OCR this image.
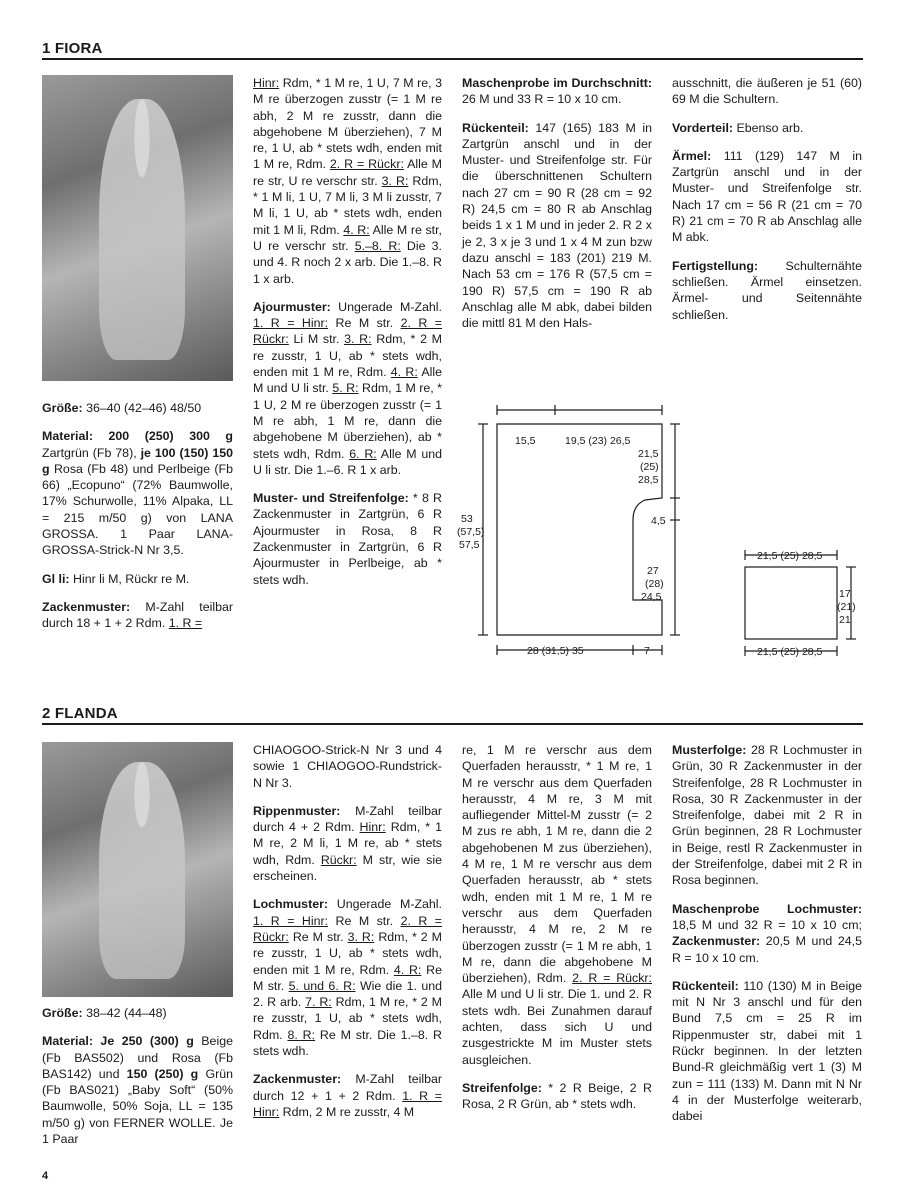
1 FIORA

Größe: 36–40 (42–46) 48/50

Material: 200 (250) 300 g Zartgrün (Fb 78), je 100 (150) 150 g Rosa (Fb 48) und Perlbeige (Fb 66) „Ecopuno“ (72% Baumwolle, 17% Schurwolle, 11% Alpaka, LL = 215 m/50 g) von LANA GROSSA. 1 Paar LANA-GROSSA-Strick-N Nr 3,5.

Gl li: Hinr li M, Rückr re M.

Zackenmuster: M-Zahl teilbar durch 18 + 1 + 2 Rdm. 1. R =

Hinr: Rdm, * 1 M re, 1 U, 7 M re, 3 M re überzogen zusstr (= 1 M re abh, 2 M re zusstr, dann die abgehobene M überziehen), 7 M re, 1 U, ab * stets wdh, enden mit 1 M re, Rdm. 2. R = Rückr: Alle M re str, U re verschr str. 3. R: Rdm, * 1 M li, 1 U, 7 M li, 3 M li zusstr, 7 M li, 1 U, ab * stets wdh, enden mit 1 M li, Rdm. 4. R: Alle M re str, U re verschr str. 5.–8. R: Die 3. und 4. R noch 2 x arb. Die 1.–8. R 1 x arb.

Ajourmuster: Ungerade M-Zahl. 1. R = Hinr: Re M str. 2. R = Rückr: Li M str. 3. R: Rdm, * 2 M re zusstr, 1 U, ab * stets wdh, enden mit 1 M re, Rdm. 4. R: Alle M und U li str. 5. R: Rdm, 1 M re, * 1 U, 2 M re überzogen zusstr (= 1 M re abh, 1 M re, dann die abgehobene M überziehen), ab * stets wdh, Rdm. 6. R: Alle M und U li str. Die 1.–6. R 1 x arb.

Muster- und Streifenfolge: * 8 R Zackenmuster in Zartgrün, 6 R Ajourmuster in Rosa, 8 R Zackenmuster in Zartgrün, 6 R Ajourmuster in Perlbeige, ab * stets wdh.

Maschenprobe im Durchschnitt: 26 M und 33 R = 10 x 10 cm.

Rückenteil: 147 (165) 183 M in Zartgrün anschl und in der Muster- und Streifenfolge str. Für die überschnittenen Schultern nach 27 cm = 90 R (28 cm = 92 R) 24,5 cm = 80 R ab Anschlag beids 1 x 1 M und in jeder 2. R 2 x je 2, 3 x je 3 und 1 x 4 M zun bzw dazu anschl = 183 (201) 219 M. Nach 53 cm = 176 R (57,5 cm = 190 R) 57,5 cm = 190 R ab Anschlag alle M abk, dabei bilden die mittl 81 M den Hals-

ausschnitt, die äußeren je 51 (60) 69 M die Schultern.

Vorderteil: Ebenso arb.

Ärmel: 111 (129) 147 M in Zartgrün anschl und in der Muster- und Streifenfolge str. Nach 17 cm = 56 R (21 cm = 70 R) 21 cm = 70 R ab Anschlag alle M abk.

Fertigstellung: Schulternähte schließen. Ärmel einsetzen. Ärmel- und Seitennähte schließen.

15,5	19,5 (23) 26,5
21,5
(25)
28,5
4,5
27
(28)
24,5
53
(57,5)
57,5
28 (31,5) 35	7
21,5 (25) 28,5
21,5 (25) 28,5
17
(21)
21
2 FLANDA

Größe: 38–42 (44–48)

Material: Je 250 (300) g Beige (Fb BAS502) und Rosa (Fb BAS142) und 150 (250) g Grün (Fb BAS021) „Baby Soft“ (50% Baumwolle, 50% Soja, LL = 135 m/50 g) von FERNER WOLLE. Je 1 Paar

CHIAOGOO-Strick-N Nr 3 und 4 sowie 1 CHIAOGOO-Rundstrick-N Nr 3.

Rippenmuster: M-Zahl teilbar durch 4 + 2 Rdm. Hinr: Rdm, * 1 M re, 2 M li, 1 M re, ab * stets wdh, Rdm. Rückr: M str, wie sie erscheinen.

Lochmuster: Ungerade M-Zahl. 1. R = Hinr: Re M str. 2. R = Rückr: Re M str. 3. R: Rdm, * 2 M re zusstr, 1 U, ab * stets wdh, enden mit 1 M re, Rdm. 4. R: Re M str. 5. und 6. R: Wie die 1. und 2. R arb. 7. R: Rdm, 1 M re, * 2 M re zusstr, 1 U, ab * stets wdh, Rdm. 8. R: Re M str. Die 1.–8. R stets wdh.

Zackenmuster: M-Zahl teilbar durch 12 + 1 + 2 Rdm. 1. R = Hinr: Rdm, 2 M re zusstr, 4 M

re, 1 M re verschr aus dem Querfaden herausstr, * 1 M re, 1 M re verschr aus dem Querfaden herausstr, 4 M re, 3 M mit aufliegender Mittel-M zusstr (= 2 M zus re abh, 1 M re, dann die 2 abgehobenen M zus überziehen), 4 M re, 1 M re verschr aus dem Querfaden herausstr, ab * stets wdh, enden mit 1 M re, 1 M re verschr aus dem Querfaden herausstr, 4 M re, 2 M re überzogen zusstr (= 1 M re abh, 1 M re, dann die abgehobene M überziehen), Rdm. 2. R = Rückr: Alle M und U li str. Die 1. und 2. R stets wdh. Bei Zunahmen darauf achten, dass sich U und zusgestrickte M im Muster stets ausgleichen.

Streifenfolge: * 2 R Beige, 2 R Rosa, 2 R Grün, ab * stets wdh.

Musterfolge: 28 R Lochmuster in Grün, 30 R Zackenmuster in der Streifenfolge, 28 R Lochmuster in Rosa, 30 R Zackenmuster in der Streifenfolge, dabei mit 2 R in Grün beginnen, 28 R Lochmuster in Beige, restl R Zackenmuster in der Streifenfolge, dabei mit 2 R in Rosa beginnen.

Maschenprobe Lochmuster: 18,5 M und 32 R = 10 x 10 cm; Zackenmuster: 20,5 M und 24,5 R = 10 x 10 cm.

Rückenteil: 110 (130) M in Beige mit N Nr 3 anschl und für den Bund 7,5 cm = 25 R im Rippenmuster str, dabei mit 1 Rückr beginnen. In der letzten Bund-R gleichmäßig vert 1 (3) M zun = 111 (133) M. Dann mit N Nr 4 in der Musterfolge weiterarb, dabei

4
